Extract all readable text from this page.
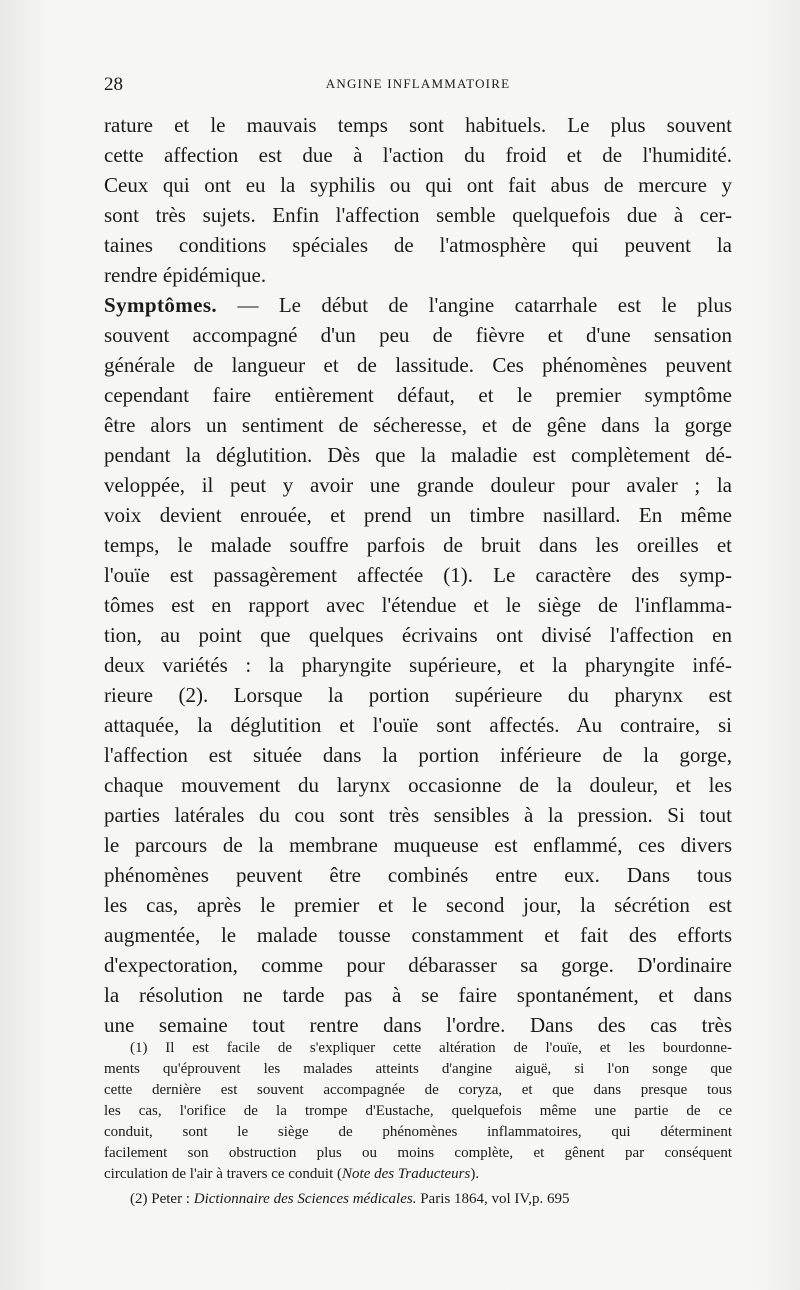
28	ANGINE INFLAMMATOIRE
rature et le mauvais temps sont habituels. Le plus souvent
cette affection est due à l'action du froid et de l'humidité.
Ceux qui ont eu la syphilis ou qui ont fait abus de mercure y
sont très sujets. Enfin l'affection semble quelquefois due à cer-
taines conditions spéciales de l'atmosphère qui peuvent la
rendre épidémique.
Symptômes. — Le début de l'angine catarrhale est le plus
souvent accompagné d'un peu de fièvre et d'une sensation
générale de langueur et de lassitude. Ces phénomènes peuvent
cependant faire entièrement défaut, et le premier symptôme
être alors un sentiment de sécheresse, et de gêne dans la gorge
pendant la déglutition. Dès que la maladie est complètement dé-
veloppée, il peut y avoir une grande douleur pour avaler ; la
voix devient enrouée, et prend un timbre nasillard. En même
temps, le malade souffre parfois de bruit dans les oreilles et
l'ouïe est passagèrement affectée (1). Le caractère des symp-
tômes est en rapport avec l'étendue et le siège de l'inflamma-
tion, au point que quelques écrivains ont divisé l'affection en
deux variétés : la pharyngite supérieure, et la pharyngite infé-
rieure (2). Lorsque la portion supérieure du pharynx est
attaquée, la déglutition et l'ouïe sont affectés. Au contraire, si
l'affection est située dans la portion inférieure de la gorge,
chaque mouvement du larynx occasionne de la douleur, et les
parties latérales du cou sont très sensibles à la pression. Si tout
le parcours de la membrane muqueuse est enflammé, ces divers
phénomènes peuvent être combinés entre eux. Dans tous
les cas, après le premier et le second jour, la sécrétion est
augmentée, le malade tousse constamment et fait des efforts
d'expectoration, comme pour débarasser sa gorge. D'ordinaire
la résolution ne tarde pas à se faire spontanément, et dans
une semaine tout rentre dans l'ordre. Dans des cas très
(1) Il est facile de s'expliquer cette altération de l'ouïe, et les bourdonne-
ments qu'éprouvent les malades atteints d'angine aiguë, si l'on songe que
cette dernière est souvent accompagnée de coryza, et que dans presque tous
les cas, l'orifice de la trompe d'Eustache, quelquefois même une partie de ce
conduit, sont le siège de phénomènes inflammatoires, qui déterminent
facilement son obstruction plus ou moins complète, et gênent par conséquent
circulation de l'air à travers ce conduit (Note des Traducteurs).
(2) Peter : Dictionnaire des Sciences médicales. Paris 1864, vol IV,p. 695
